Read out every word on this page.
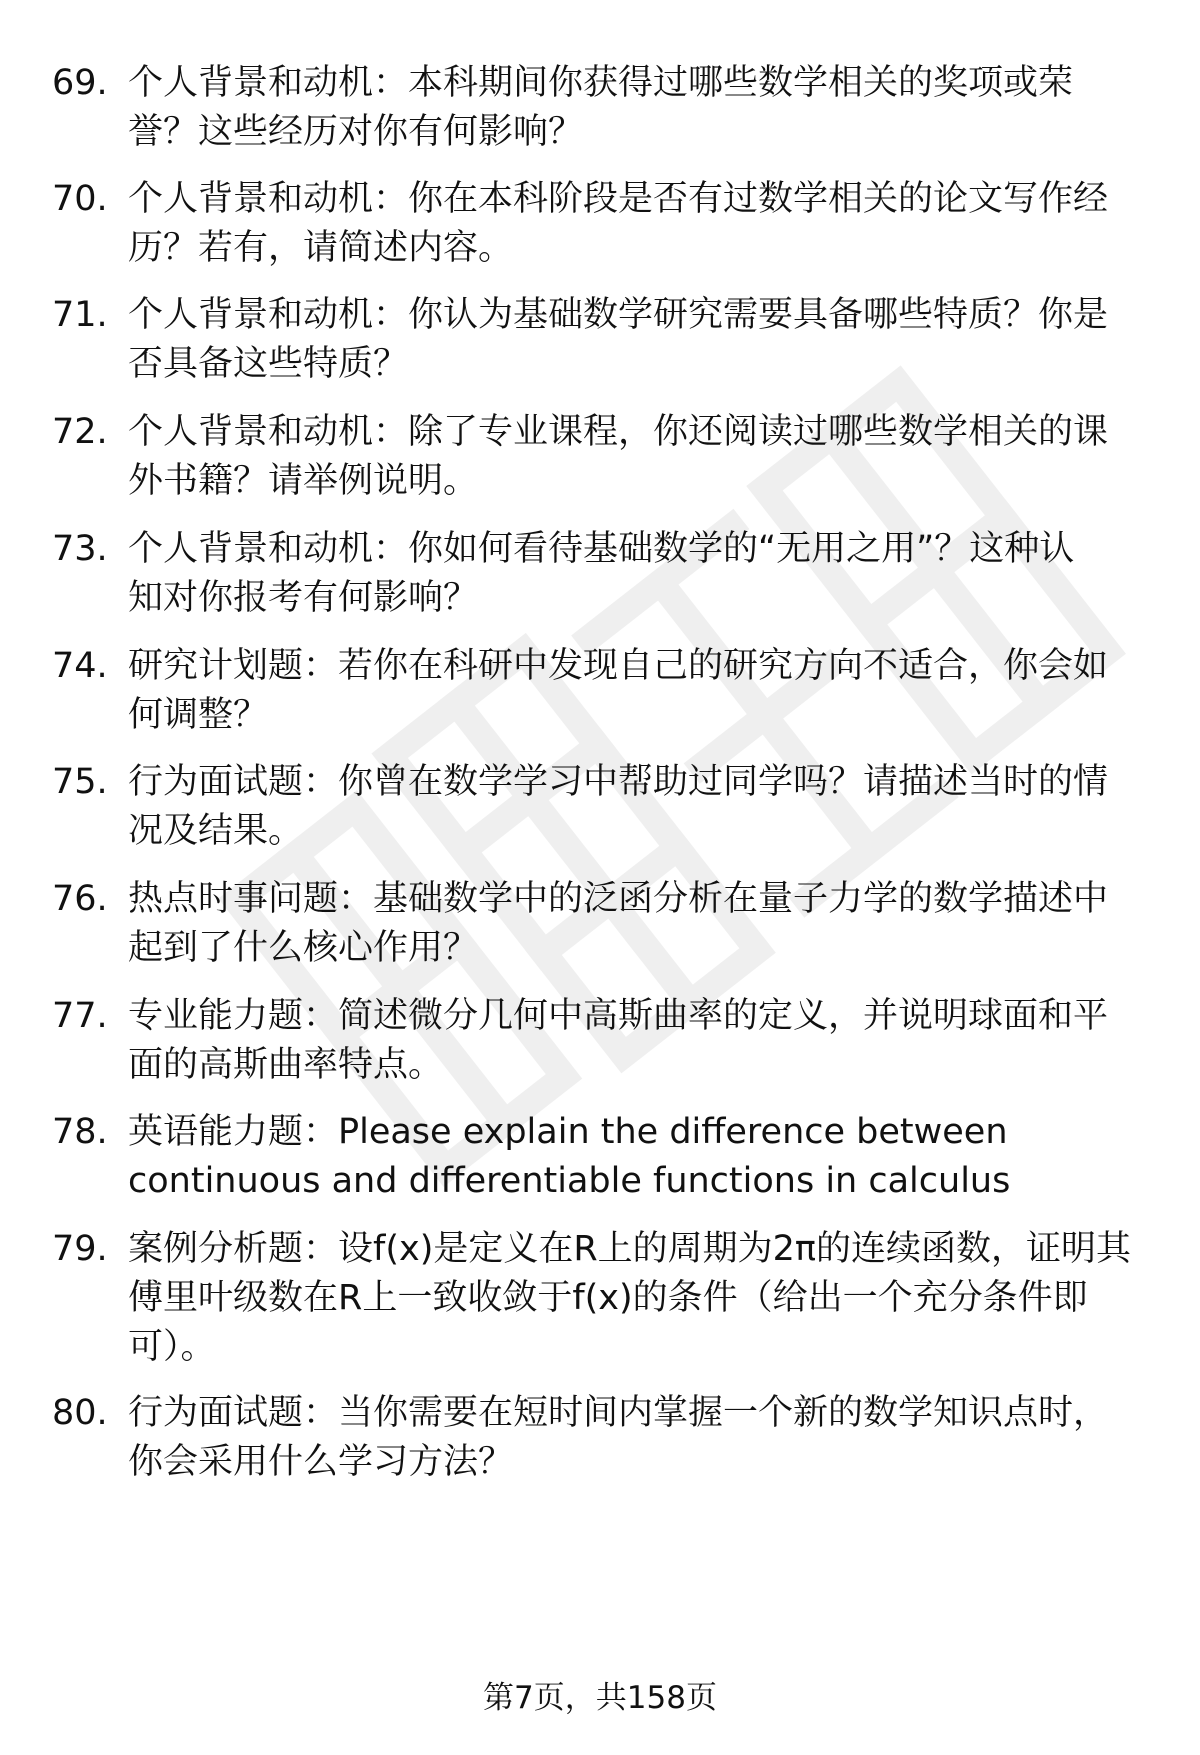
69. 个人背景和动机：本科期间你获得过哪些数学相关的奖项或荣
誉？这些经历对你有何影响？
70. 个人背景和动机：你在本科阶段是否有过数学相关的论文写作经
历？若有，请简述内容。
71. 个人背景和动机：你认为基础数学研究需要具备哪些特质？你是
否具备这些特质？
72. 个人背景和动机：除了专业课程，你还阅读过哪些数学相关的课
外书籍？请举例说明。
73. 个人背景和动机：你如何看待基础数学的“无用之用”？这种认
知对你报考有何影响？
74. 研究计划题：若你在科研中发现自己的研究方向不适合，你会如
何调整？
75. 行为面试题：你曾在数学学习中帮助过同学吗？请描述当时的情
况及结果。
76. 热点时事问题：基础数学中的泛函分析在量子力学的数学描述中
起到了什么核心作用？
77. 专业能力题：简述微分几何中高斯曲率的定义，并说明球面和平
面的高斯曲率特点。
78. 英语能力题：Please explain the difference between
continuous and differentiable functions in calculus
79. 案例分析题：设f(x)是定义在R上的周期为2π的连续函数，证明其
傅里叶级数在R上一致收敛于f(x)的条件（给出一个充分条件即
可）。
80. 行为面试题：当你需要在短时间内掌握一个新的数学知识点时，
你会采用什么学习方法？
第7页，共158页
